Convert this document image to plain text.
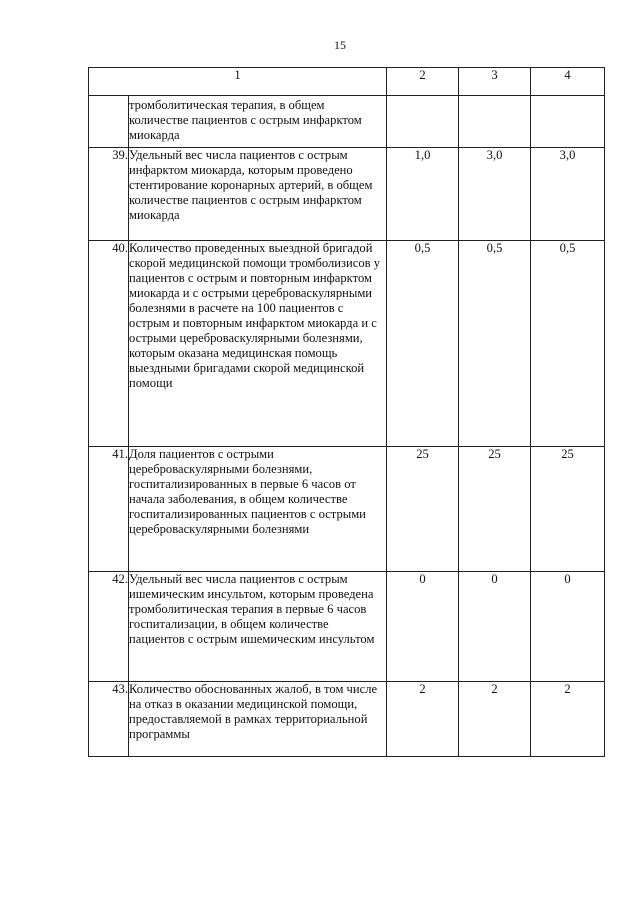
15
1		2	3	4
	тромболитическая терапия, в общем количестве пациентов с острым инфарктом миокарда			
39.	Удельный вес числа пациентов с острым инфарктом миокарда, которым проведено стентирование коронарных артерий, в общем количестве пациентов с острым инфарктом миокарда	1,0	3,0	3,0
40.	Количество проведенных выездной бригадой скорой медицинской помощи тромболизисов у пациентов с острым и повторным инфарктом миокарда и с острыми цереброваскулярными болезнями в расчете на 100 пациентов с острым и повторным инфарктом миокарда и с острыми цереброваскулярными болезнями, которым оказана медицинская помощь выездными бригадами скорой медицинской помощи	0,5	0,5	0,5
41.	Доля пациентов с острыми цереброваскулярными болезнями, госпитализированных в первые 6 часов от начала заболевания, в общем количестве госпитализированных пациентов с острыми цереброваскулярными болезнями	25	25	25
42.	Удельный вес числа пациентов с острым ишемическим инсультом, которым проведена тромболитическая терапия в первые 6 часов госпитализации, в общем количестве пациентов с острым ишемическим инсультом	0	0	0
43.	Количество обоснованных жалоб, в том числе на отказ в оказании медицинской помощи, предоставляемой в рамках территориальной программы	2	2	2
